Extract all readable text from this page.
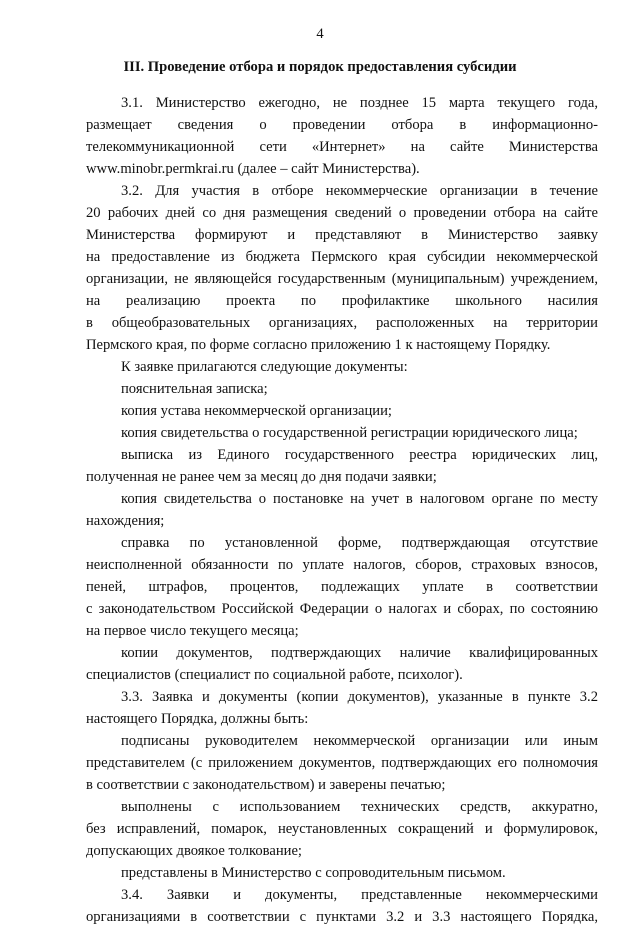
4
III. Проведение отбора и порядок предоставления субсидии
3.1. Министерство ежегодно, не позднее 15 марта текущего года,
размещает сведения о проведении отбора в информационно-
телекоммуникационной сети «Интернет» на сайте Министерства
www.minobr.permkrai.ru (далее – сайт Министерства).
3.2. Для участия в отборе некоммерческие организации в течение
20 рабочих дней со дня размещения сведений о проведении отбора на сайте
Министерства формируют и представляют в Министерство заявку
на предоставление из бюджета Пермского края субсидии некоммерческой
организации, не являющейся государственным (муниципальным) учреждением,
на реализацию проекта по профилактике школьного насилия
в общеобразовательных организациях, расположенных на территории
Пермского края, по форме согласно приложению 1 к настоящему Порядку.
К заявке прилагаются следующие документы:
пояснительная записка;
копия устава некоммерческой организации;
копия свидетельства о государственной регистрации юридического лица;
выписка из Единого государственного реестра юридических лиц,
полученная не ранее чем за месяц до дня подачи заявки;
копия свидетельства о постановке на учет в налоговом органе по месту
нахождения;
справка по установленной форме, подтверждающая отсутствие
неисполненной обязанности по уплате налогов, сборов, страховых взносов,
пеней, штрафов, процентов, подлежащих уплате в соответствии
с законодательством Российской Федерации о налогах и сборах, по состоянию
на первое число текущего месяца;
копии документов, подтверждающих наличие квалифицированных
специалистов (специалист по социальной работе, психолог).
3.3. Заявка и документы (копии документов), указанные в пункте 3.2
настоящего Порядка, должны быть:
подписаны руководителем некоммерческой организации или иным
представителем (с приложением документов, подтверждающих его полномочия
в соответствии с законодательством) и заверены печатью;
выполнены с использованием технических средств, аккуратно,
без исправлений, помарок, неустановленных сокращений и формулировок,
допускающих двоякое толкование;
представлены в Министерство с сопроводительным письмом.
3.4. Заявки и документы, представленные некоммерческими
организациями в соответствии с пунктами 3.2 и 3.3 настоящего Порядка,
